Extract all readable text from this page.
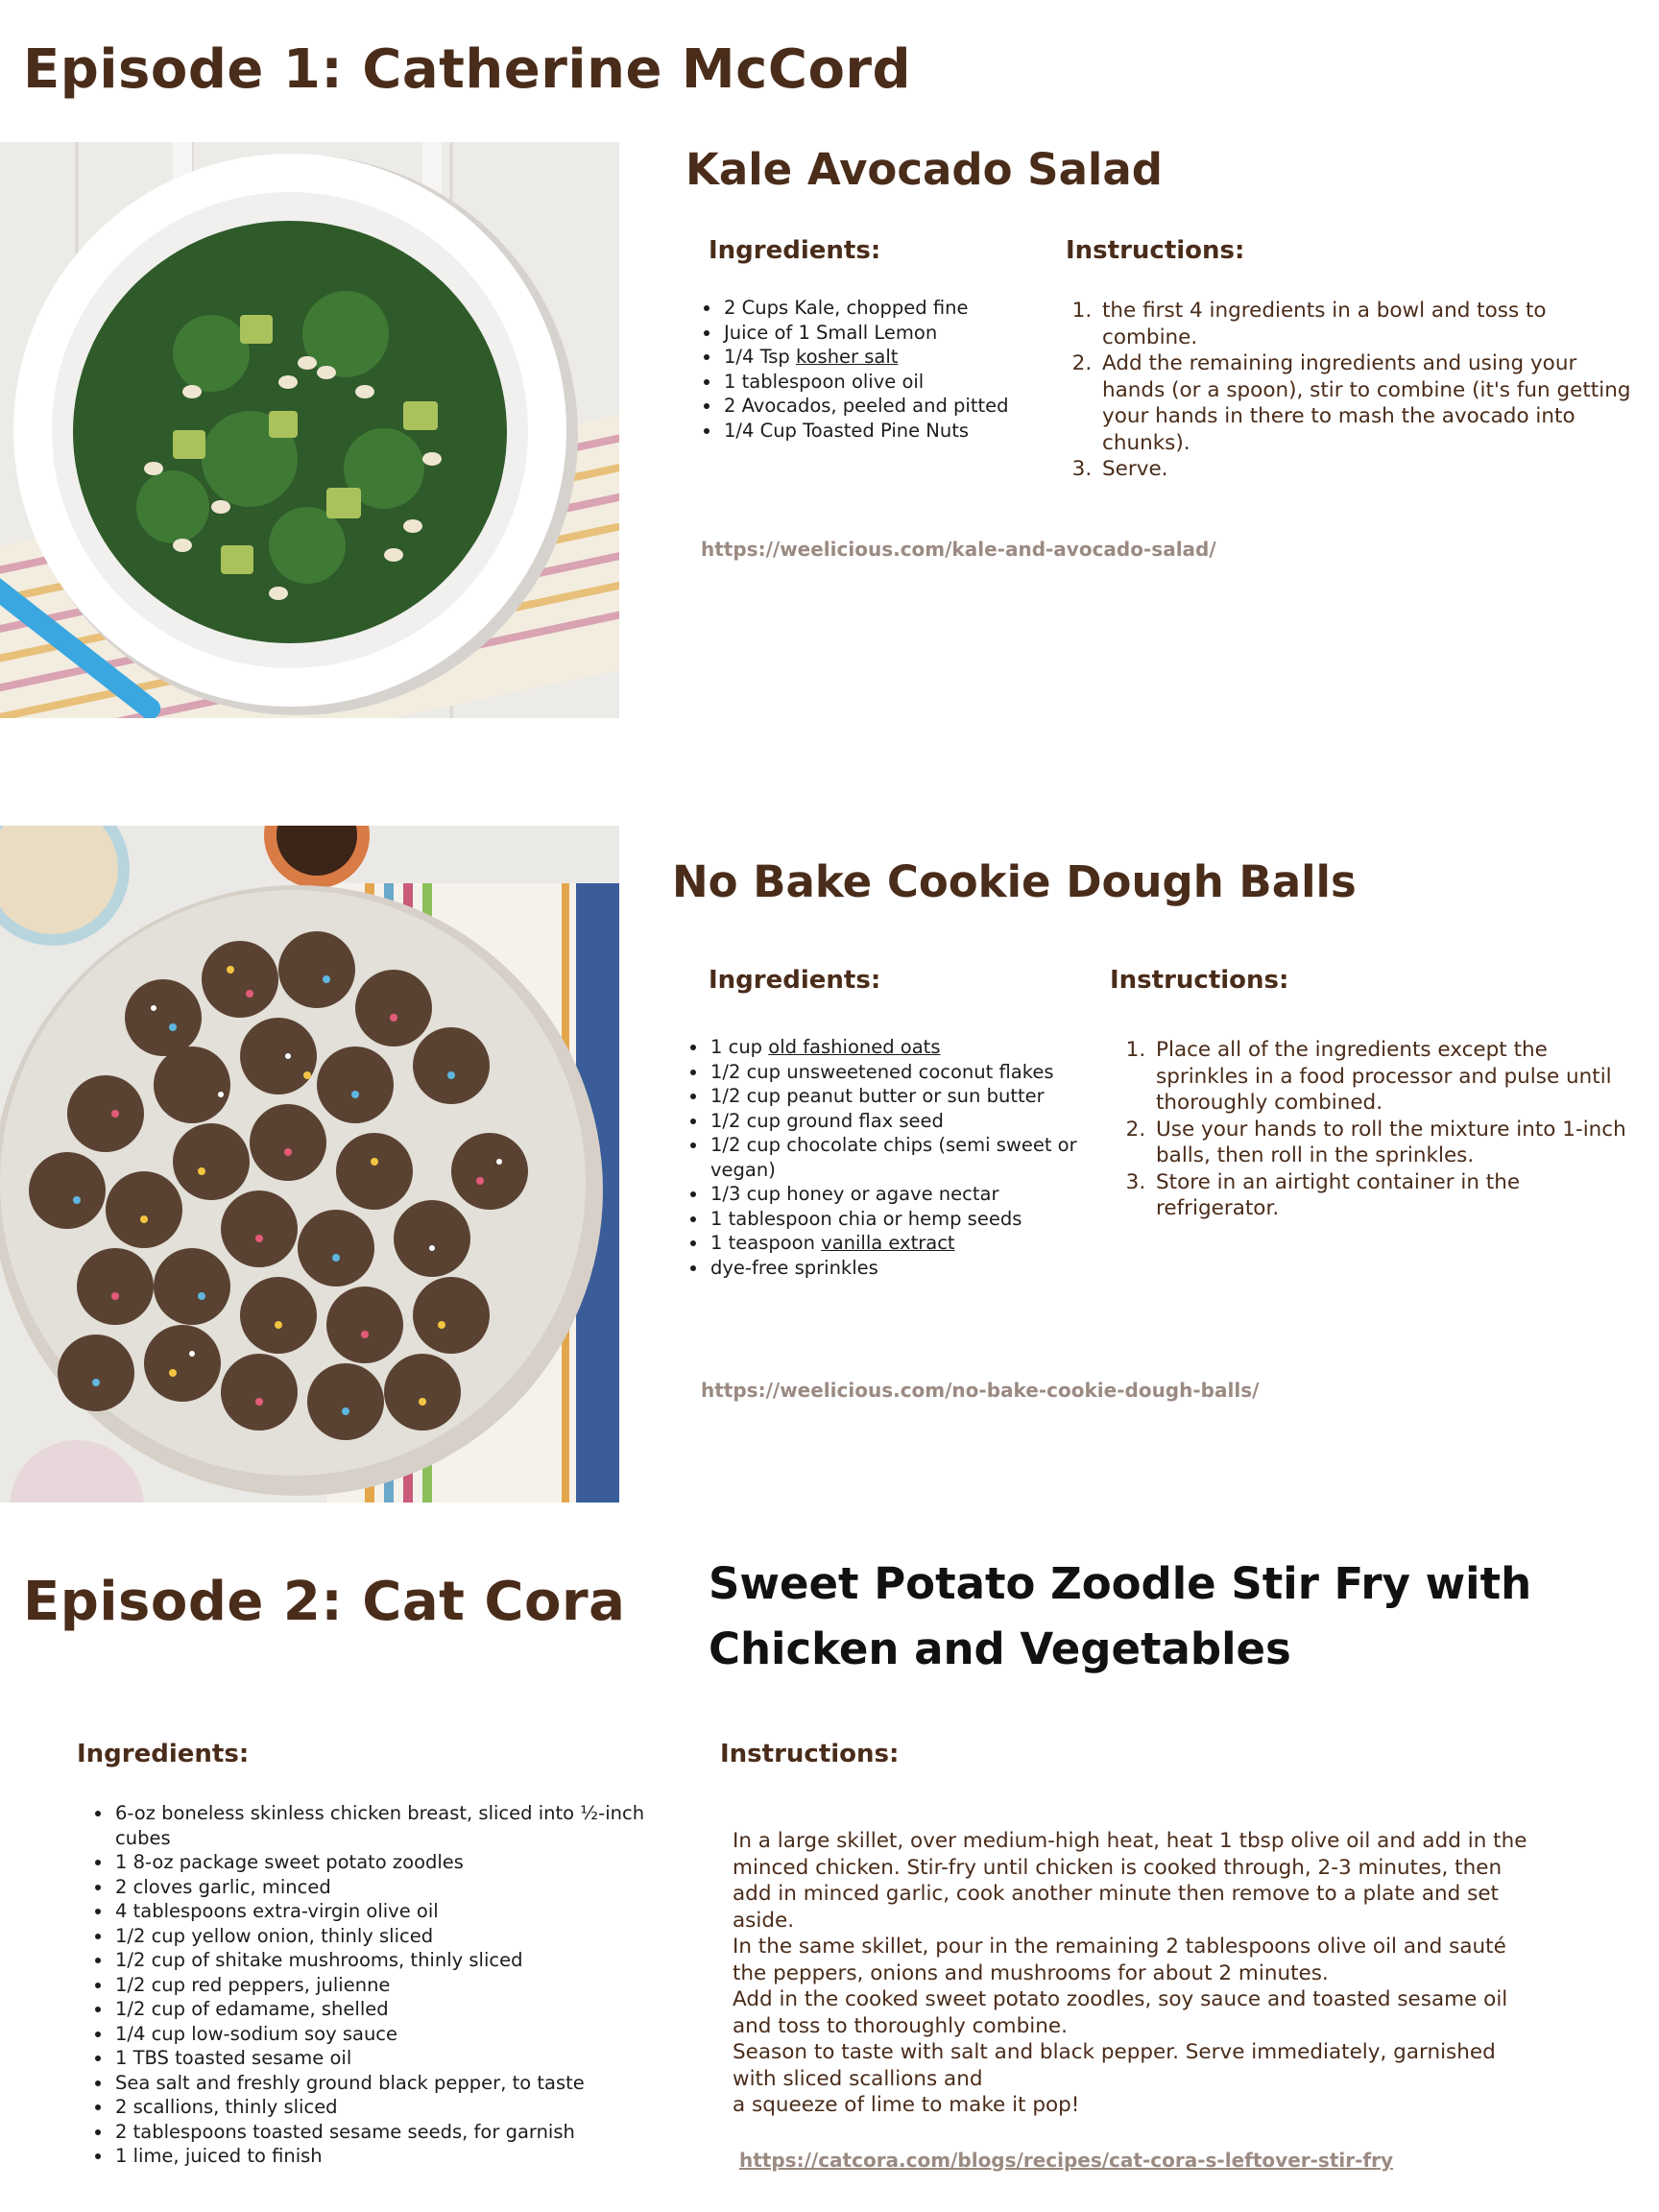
Episode 1: Catherine McCord
Kale Avocado Salad
Ingredients:	Instructions:
• 2 Cups Kale, chopped fine
• Juice of 1 Small Lemon
• 1/4 Tsp kosher salt
• 1 tablespoon olive oil
• 2 Avocados, peeled and pitted
• 1/4 Cup Toasted Pine Nuts
1. the first 4 ingredients in a bowl and toss to combine.
2. Add the remaining ingredients and using your hands (or a spoon), stir to combine (it's fun getting your hands in there to mash the avocado into chunks).
3. Serve.
https://weelicious.com/kale-and-avocado-salad/
No Bake Cookie Dough Balls
Ingredients:	Instructions:
• 1 cup old fashioned oats
• 1/2 cup unsweetened coconut flakes
• 1/2 cup peanut butter or sun butter
• 1/2 cup ground flax seed
• 1/2 cup chocolate chips (semi sweet or vegan)
• 1/3 cup honey or agave nectar
• 1 tablespoon chia or hemp seeds
• 1 teaspoon vanilla extract
• dye-free sprinkles
1. Place all of the ingredients except the sprinkles in a food processor and pulse until thoroughly combined.
2. Use your hands to roll the mixture into 1-inch balls, then roll in the sprinkles.
3. Store in an airtight container in the refrigerator.
https://weelicious.com/no-bake-cookie-dough-balls/
Episode 2: Cat Cora Sweet Potato Zoodle Stir Fry with
Chicken and Vegetables
Ingredients:	Instructions:
• 6-oz boneless skinless chicken breast, sliced into ½-inch cubes
• 1 8-oz package sweet potato zoodles
• 2 cloves garlic, minced
• 4 tablespoons extra-virgin olive oil
• 1/2 cup yellow onion, thinly sliced
• 1/2 cup of shitake mushrooms, thinly sliced
• 1/2 cup red peppers, julienne
• 1/2 cup of edamame, shelled
• 1/4 cup low-sodium soy sauce
• 1 TBS toasted sesame oil
• Sea salt and freshly ground black pepper, to taste
• 2 scallions, thinly sliced
• 2 tablespoons toasted sesame seeds, for garnish
• 1 lime, juiced to finish

In a large skillet, over medium-high heat, heat 1 tbsp olive oil and add in the minced chicken. Stir-fry until chicken is cooked through, 2-3 minutes, then add in minced garlic, cook another minute then remove to a plate and set aside.

In the same skillet, pour in the remaining 2 tablespoons olive oil and sauté the peppers, onions and mushrooms for about 2 minutes.

Add in the cooked sweet potato zoodles, soy sauce and toasted sesame oil and toss to thoroughly combine.

Season to taste with salt and black pepper. Serve immediately, garnished with sliced scallions and

a squeeze of lime to make it pop!

https://catcora.com/blogs/recipes/cat-cora-s-leftover-stir-fry
